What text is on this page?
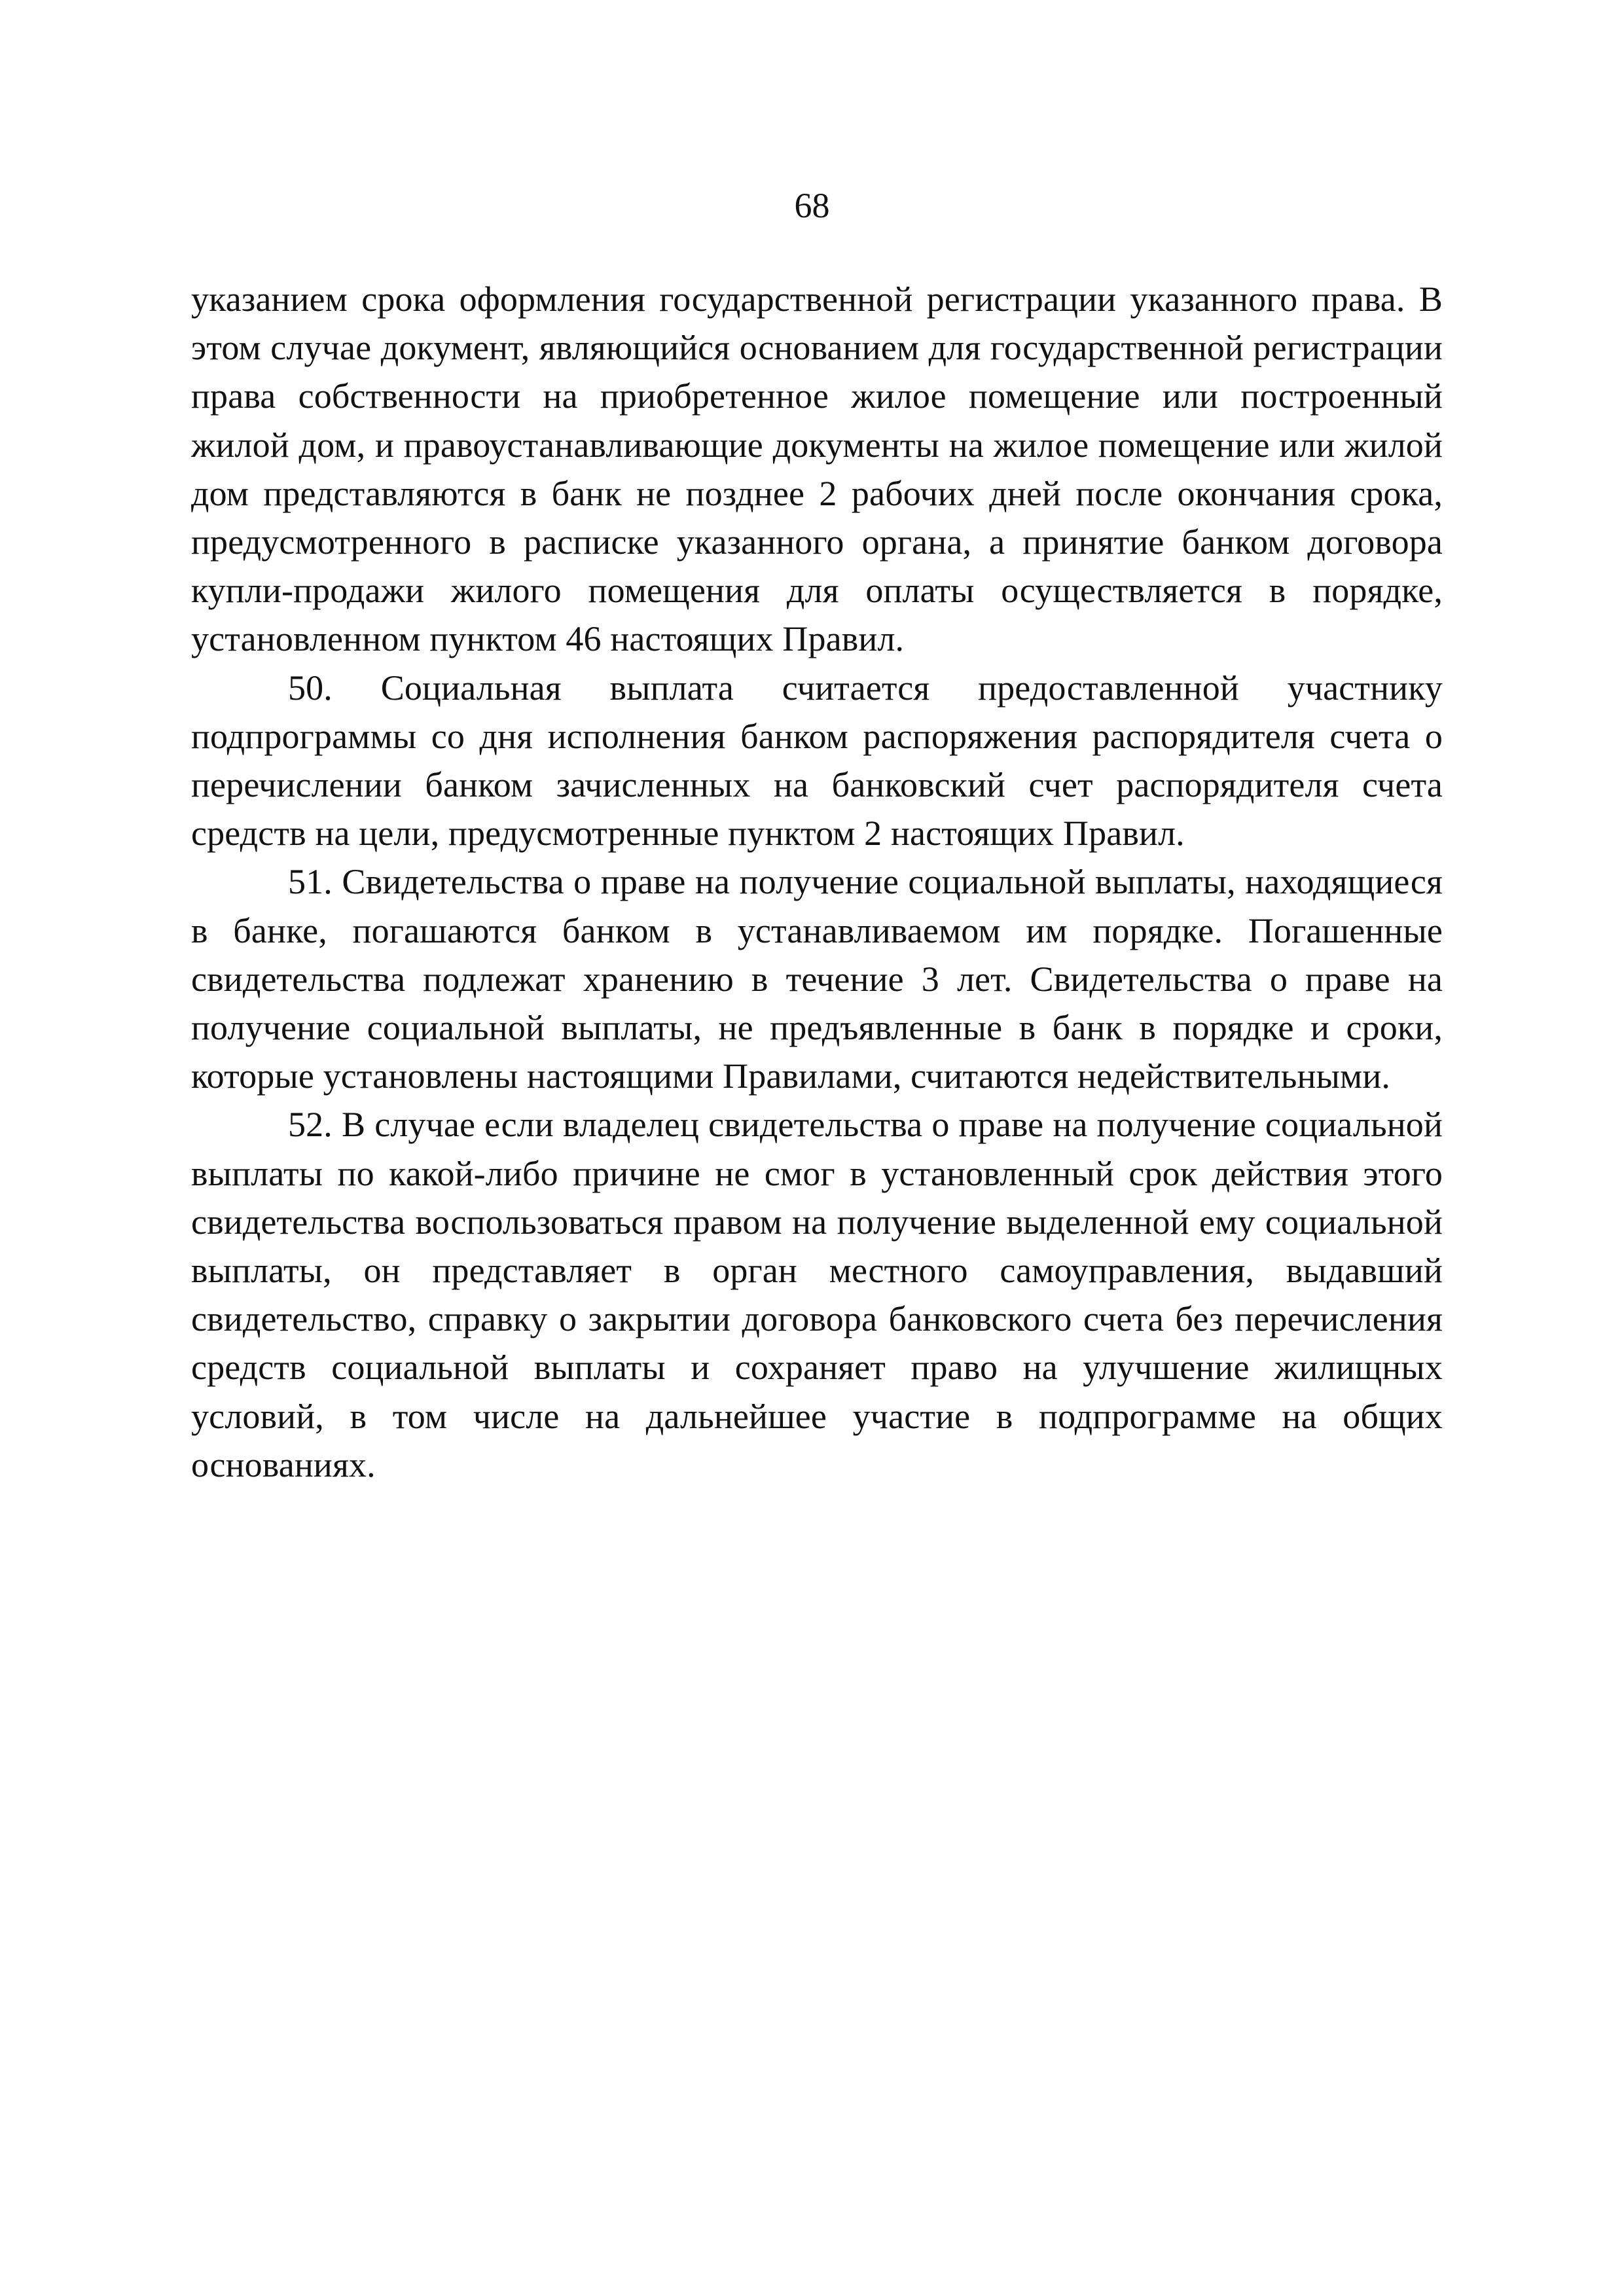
68

указанием срока оформления государственной регистрации указанного права. В этом случае документ, являющийся основанием для государственной регистрации права собственности на приобретенное жилое помещение или построенный жилой дом, и правоустанавливающие документы на жилое помещение или жилой дом представляются в банк не позднее 2 рабочих дней после окончания срока, предусмотренного в расписке указанного органа, а принятие банком договора купли-продажи жилого помещения для оплаты осуществляется в порядке, установленном пунктом 46 настоящих Правил.

50. Социальная выплата считается предоставленной участнику подпрограммы со дня исполнения банком распоряжения распорядителя счета о перечислении банком зачисленных на банковский счет распорядителя счета средств на цели, предусмотренные пунктом 2 настоящих Правил.

51. Свидетельства о праве на получение социальной выплаты, находящиеся в банке, погашаются банком в устанавливаемом им порядке. Погашенные свидетельства подлежат хранению в течение 3 лет. Свидетельства о праве на получение социальной выплаты, не предъявленные в банк в порядке и сроки, которые установлены настоящими Правилами, считаются недействительными.

52. В случае если владелец свидетельства о праве на получение социальной выплаты по какой-либо причине не смог в установленный срок действия этого свидетельства воспользоваться правом на получение выделенной ему социальной выплаты, он представляет в орган местного самоуправления, выдавший свидетельство, справку о закрытии договора банковского счета без перечисления средств социальной выплаты и сохраняет право на улучшение жилищных условий, в том числе на дальнейшее участие в подпрограмме на общих основаниях.
